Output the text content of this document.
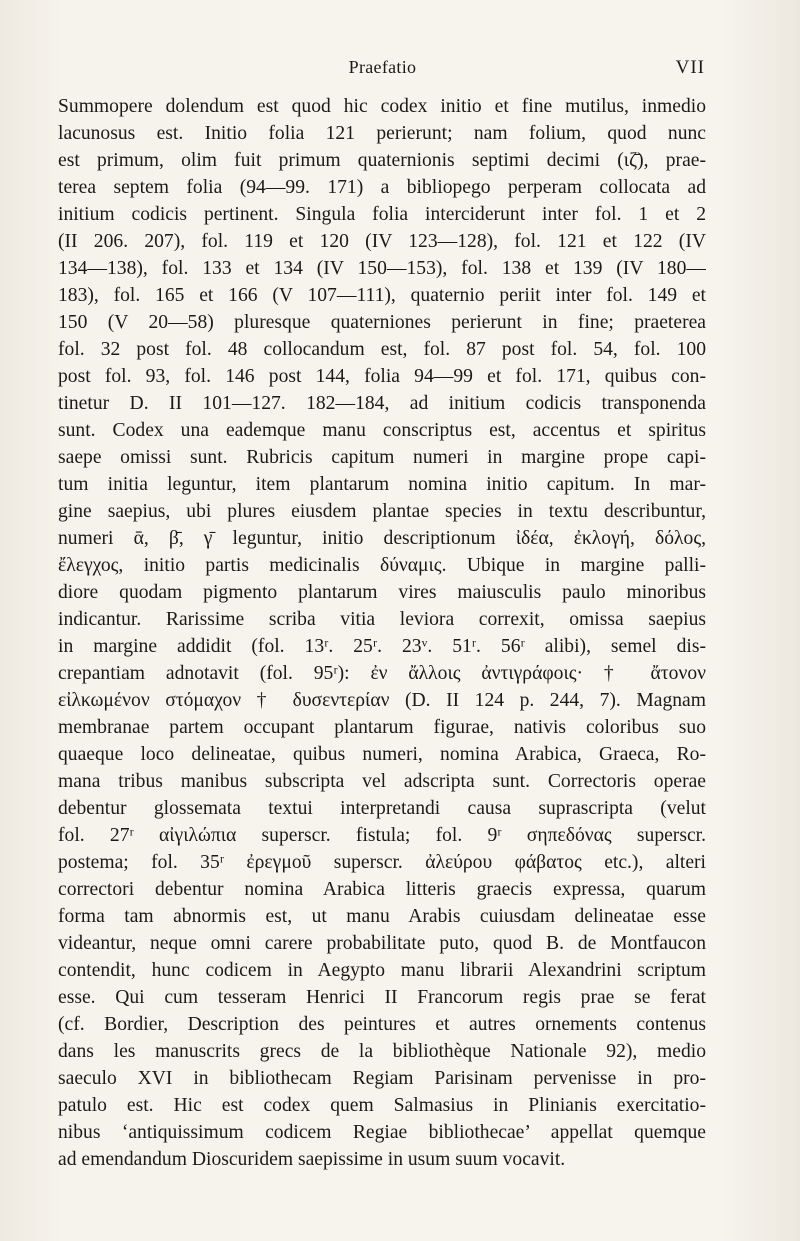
Praefatio	VII
Summopere dolendum est quod hic codex initio et fine mutilus, inmedio
lacunosus est. Initio folia 121 perierunt; nam folium, quod nunc
est primum, olim fuit primum quaternionis septimi decimi (ιζ̄), prae-
terea septem folia (94—99. 171) a bibliopego perperam collocata ad
initium codicis pertinent. Singula folia interciderunt inter fol. 1 et 2
(II 206. 207), fol. 119 et 120 (IV 123—128), fol. 121 et 122 (IV
134—138), fol. 133 et 134 (IV 150—153), fol. 138 et 139 (IV 180—
183), fol. 165 et 166 (V 107—111), quaternio periit inter fol. 149 et
150 (V 20—58) pluresque quaterniones perierunt in fine; praeterea
fol. 32 post fol. 48 collocandum est, fol. 87 post fol. 54, fol. 100
post fol. 93, fol. 146 post 144, folia 94—99 et fol. 171, quibus con-
tinetur D. II 101—127. 182—184, ad initium codicis transponenda
sunt. Codex una eademque manu conscriptus est, accentus et spiritus
saepe omissi sunt. Rubricis capitum numeri in margine prope capi-
tum initia leguntur, item plantarum nomina initio capitum. In mar-
gine saepius, ubi plures eiusdem plantae species in textu describuntur,
numeri ᾱ, β̄, γ̄ leguntur, initio descriptionum ἰδέα, ἐκλογή, δόλος,
ἔλεγχος, initio partis medicinalis δύναμις. Ubique in margine palli-
diore quodam pigmento plantarum vires maiusculis paulo minoribus
indicantur. Rarissime scriba vitia leviora correxit, omissa saepius
in margine addidit (fol. 13ʳ. 25ʳ. 23ᵛ. 51ʳ. 56ʳ alibi), semel dis-
crepantiam adnotavit (fol. 95ʳ): ἐν ἄλλοις ἀντιγράφοις· † ἄτονον
εἰλκωμένον στόμαχον † δυσεντερίαν (D. II 124 p. 244, 7). Magnam
membranae partem occupant plantarum figurae, nativis coloribus suo
quaeque loco delineatae, quibus numeri, nomina Arabica, Graeca, Ro-
mana tribus manibus subscripta vel adscripta sunt. Correctoris operae
debentur glossemata textui interpretandi causa suprascripta (velut
fol. 27ʳ αἰγιλώπια superscr. fistula; fol. 9ʳ σηπεδόνας superscr.
postema; fol. 35ʳ ἐρεγμοῦ superscr. ἀλεύρου φάβατος etc.), alteri
correctori debentur nomina Arabica litteris graecis expressa, quarum
forma tam abnormis est, ut manu Arabis cuiusdam delineatae esse
videantur, neque omni carere probabilitate puto, quod B. de Montfaucon
contendit, hunc codicem in Aegypto manu librarii Alexandrini scriptum
esse. Qui cum tesseram Henrici II Francorum regis prae se ferat
(cf. Bordier, Description des peintures et autres ornements contenus
dans les manuscrits grecs de la bibliothèque Nationale 92), medio
saeculo XVI in bibliothecam Regiam Parisinam pervenisse in pro-
patulo est. Hic est codex quem Salmasius in Plinianis exercitatio-
nibus ‘antiquissimum codicem Regiae bibliothecae’ appellat quemque
ad emendandum Dioscuridem saepissime in usum suum vocavit.
